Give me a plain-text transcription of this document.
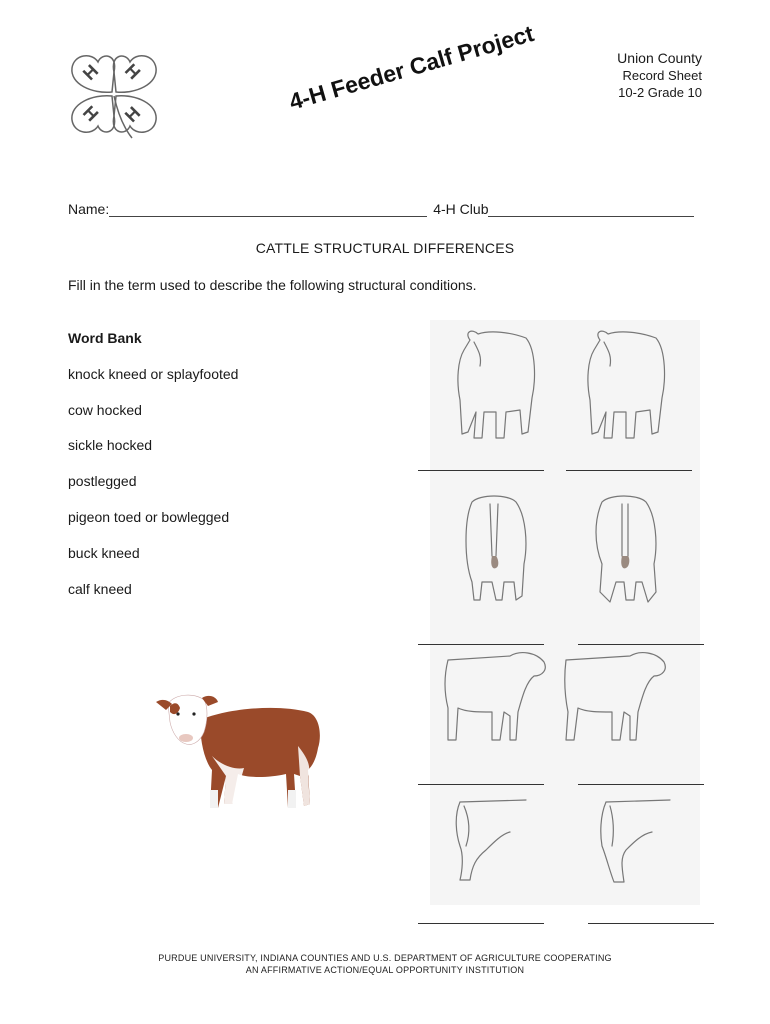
H H
H H	4-H Feeder Calf Project	Union County
Record Sheet
10-2 Grade 10
Name:	4-H Club
CATTLE STRUCTURAL DIFFERENCES
Fill in the term used to describe the following structural conditions.
Word Bank
knock kneed or splayfooted
cow hocked
sickle hocked
postlegged
pigeon toed or bowlegged
buck kneed
calf kneed
PURDUE UNIVERSITY, INDIANA COUNTIES AND U.S. DEPARTMENT OF AGRICULTURE COOPERATING
AN AFFIRMATIVE ACTION/EQUAL OPPORTUNITY INSTITUTION
